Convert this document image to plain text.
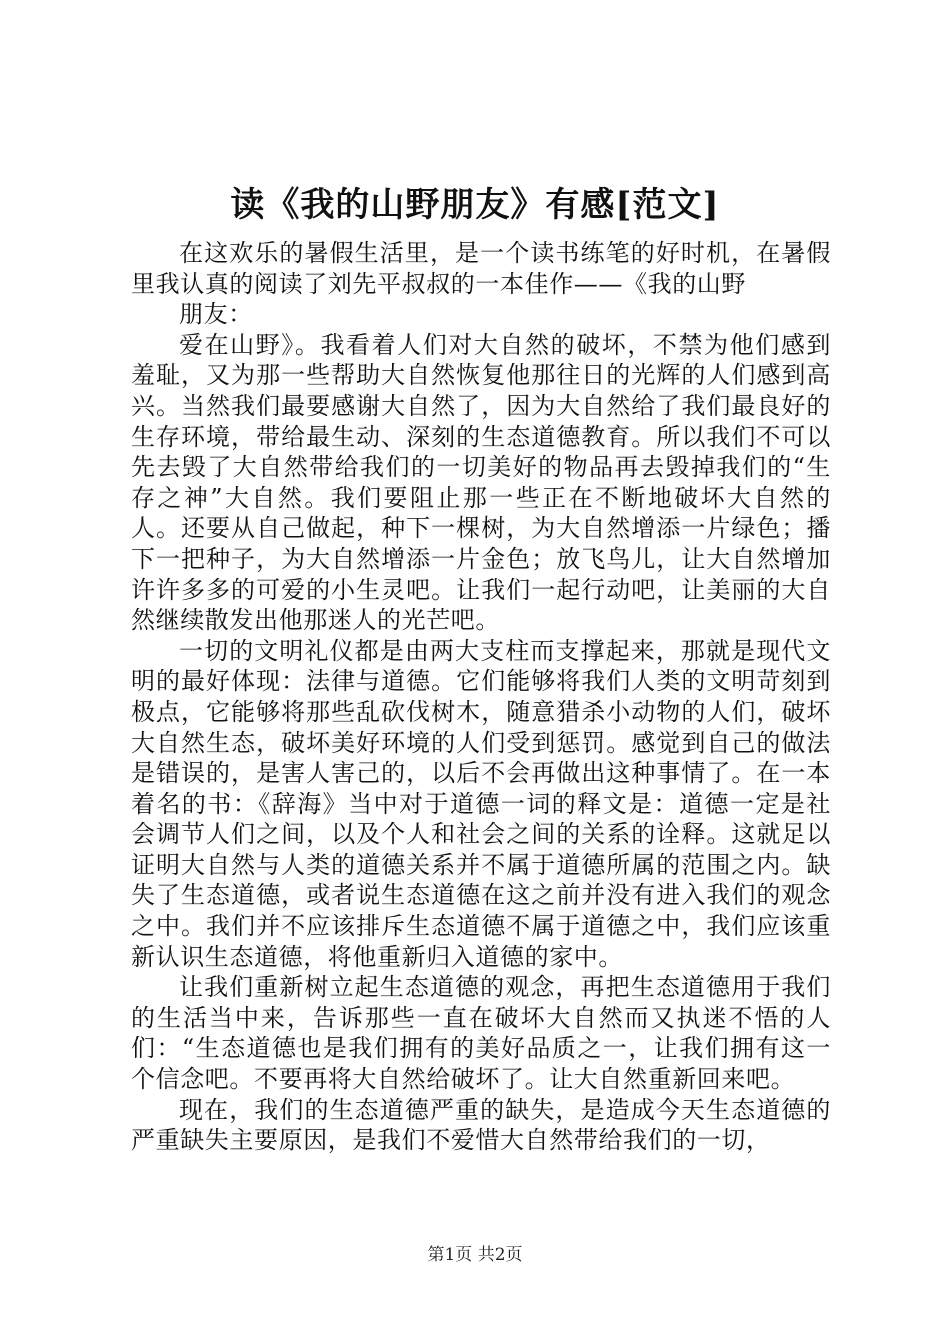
读《我的山野朋友》有感[范文]

在这欢乐的暑假生活里，是一个读书练笔的好时机，在暑假里我认真的阅读了刘先平叔叔的一本佳作——《我的山野

朋友：

爱在山野》。我看着人们对大自然的破坏，不禁为他们感到羞耻，又为那一些帮助大自然恢复他那往日的光辉的人们感到高兴。当然我们最要感谢大自然了，因为大自然给了我们最良好的生存环境，带给最生动、深刻的生态道德教育。所以我们不可以先去毁了大自然带给我们的一切美好的物品再去毁掉我们的“生存之神”大自然。我们要阻止那一些正在不断地破坏大自然的人。还要从自己做起，种下一棵树，为大自然增添一片绿色；播下一把种子，为大自然增添一片金色；放飞鸟儿，让大自然增加许许多多的可爱的小生灵吧。让我们一起行动吧，让美丽的大自然继续散发出他那迷人的光芒吧。

一切的文明礼仪都是由两大支柱而支撑起来，那就是现代文明的最好体现：法律与道德。它们能够将我们人类的文明苛刻到极点，它能够将那些乱砍伐树木，随意猎杀小动物的人们，破坏大自然生态，破坏美好环境的人们受到惩罚。感觉到自己的做法是错误的，是害人害己的，以后不会再做出这种事情了。在一本着名的书：《辞海》当中对于道德一词的释文是：道德一定是社会调节人们之间，以及个人和社会之间的关系的诠释。这就足以证明大自然与人类的道德关系并不属于道德所属的范围之内。缺失了生态道德，或者说生态道德在这之前并没有进入我们的观念之中。我们并不应该排斥生态道德不属于道德之中，我们应该重新认识生态道德，将他重新归入道德的家中。

让我们重新树立起生态道德的观念，再把生态道德用于我们的生活当中来，告诉那些一直在破坏大自然而又执迷不悟的人们：“生态道德也是我们拥有的美好品质之一，让我们拥有这一个信念吧。不要再将大自然给破坏了。让大自然重新回来吧。

现在，我们的生态道德严重的缺失，是造成今天生态道德的严重缺失主要原因，是我们不爱惜大自然带给我们的一切，

第1页 共2页
